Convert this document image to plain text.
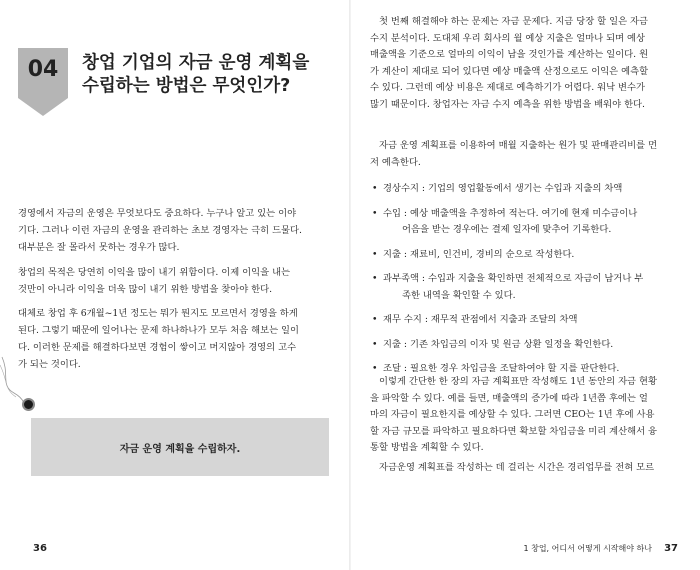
04	창업 기업의 자금 운영 계획을
수립하는 방법은 무엇인가?

경영에서 자금의 운영은 무엇보다도 중요하다. 누구나 알고 있는 이야
기다. 그러나 이런 자금의 운영을 관리하는 초보 경영자는 극히 드물다.
대부분은 잘 몰라서 못하는 경우가 많다.

창업의 목적은 당연히 이익을 많이 내기 위함이다. 이제 이익을 내는
것만이 아니라 이익을 더욱 많이 내기 위한 방법을 찾아야 한다.

대체로 창업 후 6개월~1년 정도는 뭐가 뭔지도 모르면서 경영을 하게
된다. 그렇기 때문에 일어나는 문제 하나하나가 모두 처음 해보는 일이
다. 이러한 문제를 해결하다보면 경험이 쌓이고 머지않아 경영의 고수
가 되는 것이다.

자금 운영 계획을 수립하자.
36

첫 번째 해결해야 하는 문제는 자금 문제다. 지금 당장 할 일은 자금
수지 분석이다. 도대체 우리 회사의 월 예상 지출은 얼마나 되며 예상
매출액을 기준으로 얼마의 이익이 남을 것인가를 계산하는 일이다. 원
가 계산이 제대로 되어 있다면 예상 매출액 산정으로도 이익은 예측할
수 있다. 그런데 예상 비용은 제대로 예측하기가 어렵다. 워낙 변수가
많기 때문이다. 창업자는 자금 수지 예측을 위한 방법을 배워야 한다.

자금 운영 계획표를 이용하여 매월 지출하는 원가 및 판매관리비를 먼
저 예측한다.

• 경상수지 : 기업의 영업활동에서 생기는 수입과 지출의 차액
• 수입 : 예상 매출액을 추정하여 적는다. 여기에 현재 미수금이나
어음을 받는 경우에는 결제 일자에 맞추어 기록한다.
• 지출 : 재료비, 인건비, 경비의 순으로 작성한다.
• 과부족액 : 수입과 지출을 확인하면 전체적으로 자금이 남거나 부
족한 내역을 확인할 수 있다.
• 재무 수지 : 재무적 관점에서 지출과 조달의 차액
• 지출 : 기존 차입금의 이자 및 원금 상환 일정을 확인한다.
• 조달 : 필요한 경우 차입금을 조달하여야 할 지를 판단한다.

이렇게 간단한 한 장의 자금 계획표만 작성해도 1년 동안의 자금 현황
을 파악할 수 있다. 예를 들면, 매출액의 증가에 따라 1년쯤 후에는 얼
마의 자금이 필요한지를 예상할 수 있다. 그러면 CEO는 1년 후에 사용
할 자금 규모를 파악하고 필요하다면 확보할 차입금을 미리 계산해서 융
통할 방법을 계획할 수 있다.

자금운영 계획표를 작성하는 데 걸리는 시간은 경리업무를 전혀 모르

1 창업, 어디서 어떻게 시작해야 하나 37
